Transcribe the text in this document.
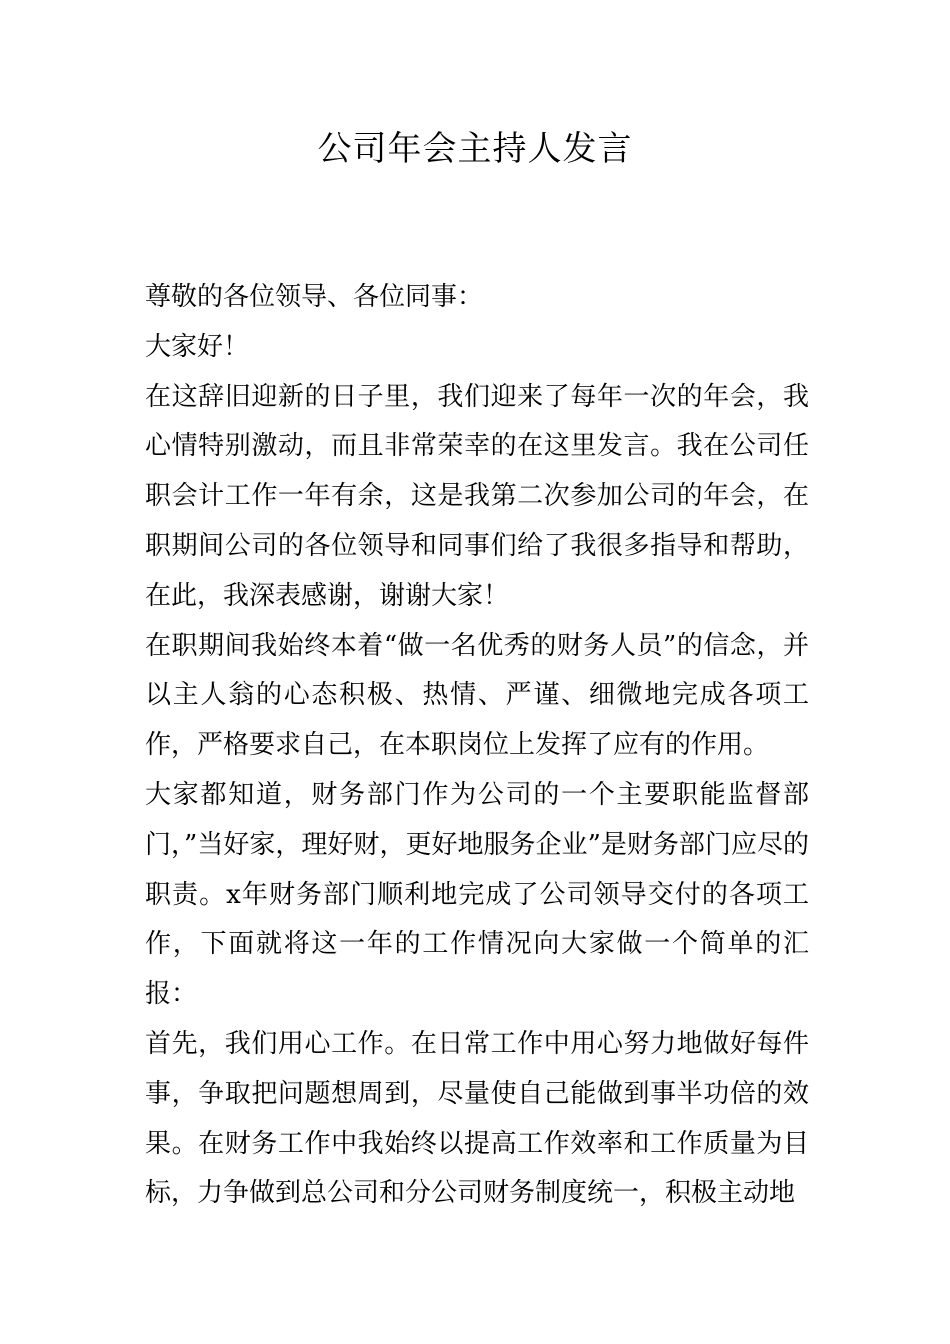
公司年会主持人发言

尊敬的各位领导、各位同事：

大家好！

在这辞旧迎新的日子里，我们迎来了每年一次的年会，我心情特别激动，而且非常荣幸的在这里发言。我在公司任职会计工作一年有余，这是我第二次参加公司的年会，在职期间公司的各位领导和同事们给了我很多指导和帮助，在此，我深表感谢，谢谢大家！

在职期间我始终本着“做一名优秀的财务人员”的信念，并以主人翁的心态积极、热情、严谨、细微地完成各项工作，严格要求自己，在本职岗位上发挥了应有的作用。

大家都知道，财务部门作为公司的一个主要职能监督部门，”当好家，理好财，更好地服务企业”是财务部门应尽的职责。x年财务部门顺利地完成了公司领导交付的各项工作，下面就将这一年的工作情况向大家做一个简单的汇报：

首先，我们用心工作。在日常工作中用心努力地做好每件事，争取把问题想周到，尽量使自己能做到事半功倍的效果。在财务工作中我始终以提高工作效率和工作质量为目标，力争做到总公司和分公司财务制度统一，积极主动地
